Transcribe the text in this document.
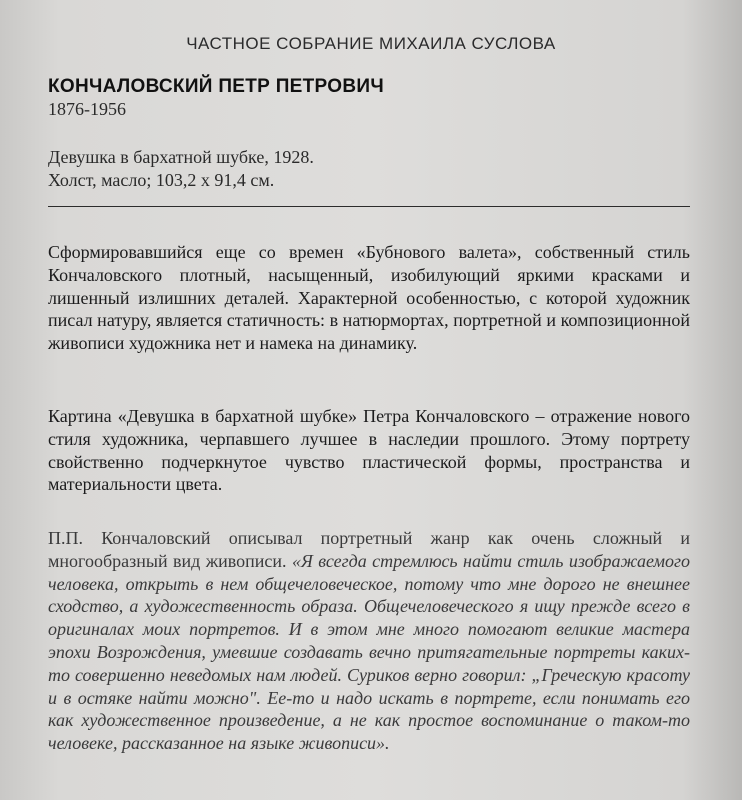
ЧАСТНОЕ СОБРАНИЕ МИХАИЛА СУСЛОВА
КОНЧАЛОВСКИЙ ПЕТР ПЕТРОВИЧ
1876-1956
Девушка в бархатной шубке, 1928.
Холст, масло; 103,2 х 91,4 см.

Сформировавшийся еще со времен «Бубнового валета», собственный стиль Кончаловского плотный, насыщенный, изобилующий яркими красками и лишенный излишних деталей. Характерной особенностью, с которой художник писал натуру, является статичность: в натюрмортах, портретной и композиционной живописи художника нет и намека на динамику.

Картина «Девушка в бархатной шубке» Петра Кончаловского – отражение нового стиля художника, черпавшего лучшее в наследии прошлого. Этому портрету свойственно подчеркнутое чувство пластической формы, пространства и материальности цвета.

П.П. Кончаловский описывал портретный жанр как очень сложный и многообразный вид живописи. «Я всегда стремлюсь найти стиль изображаемого человека, открыть в нем общечеловеческое, потому что мне дорого не внешнее сходство, а художественность образа. Общечеловеческого я ищу прежде всего в оригиналах моих портретов. И в этом мне много помогают великие мастера эпохи Возрождения, умевшие создавать вечно притягательные портреты каких-то совершенно неведомых нам людей. Суриков верно говорил: „Греческую красоту и в остяке найти можно". Ее-то и надо искать в портрете, если понимать его как художественное произведение, а не как простое воспоминание о таком-то человеке, рассказанное на языке живописи».
